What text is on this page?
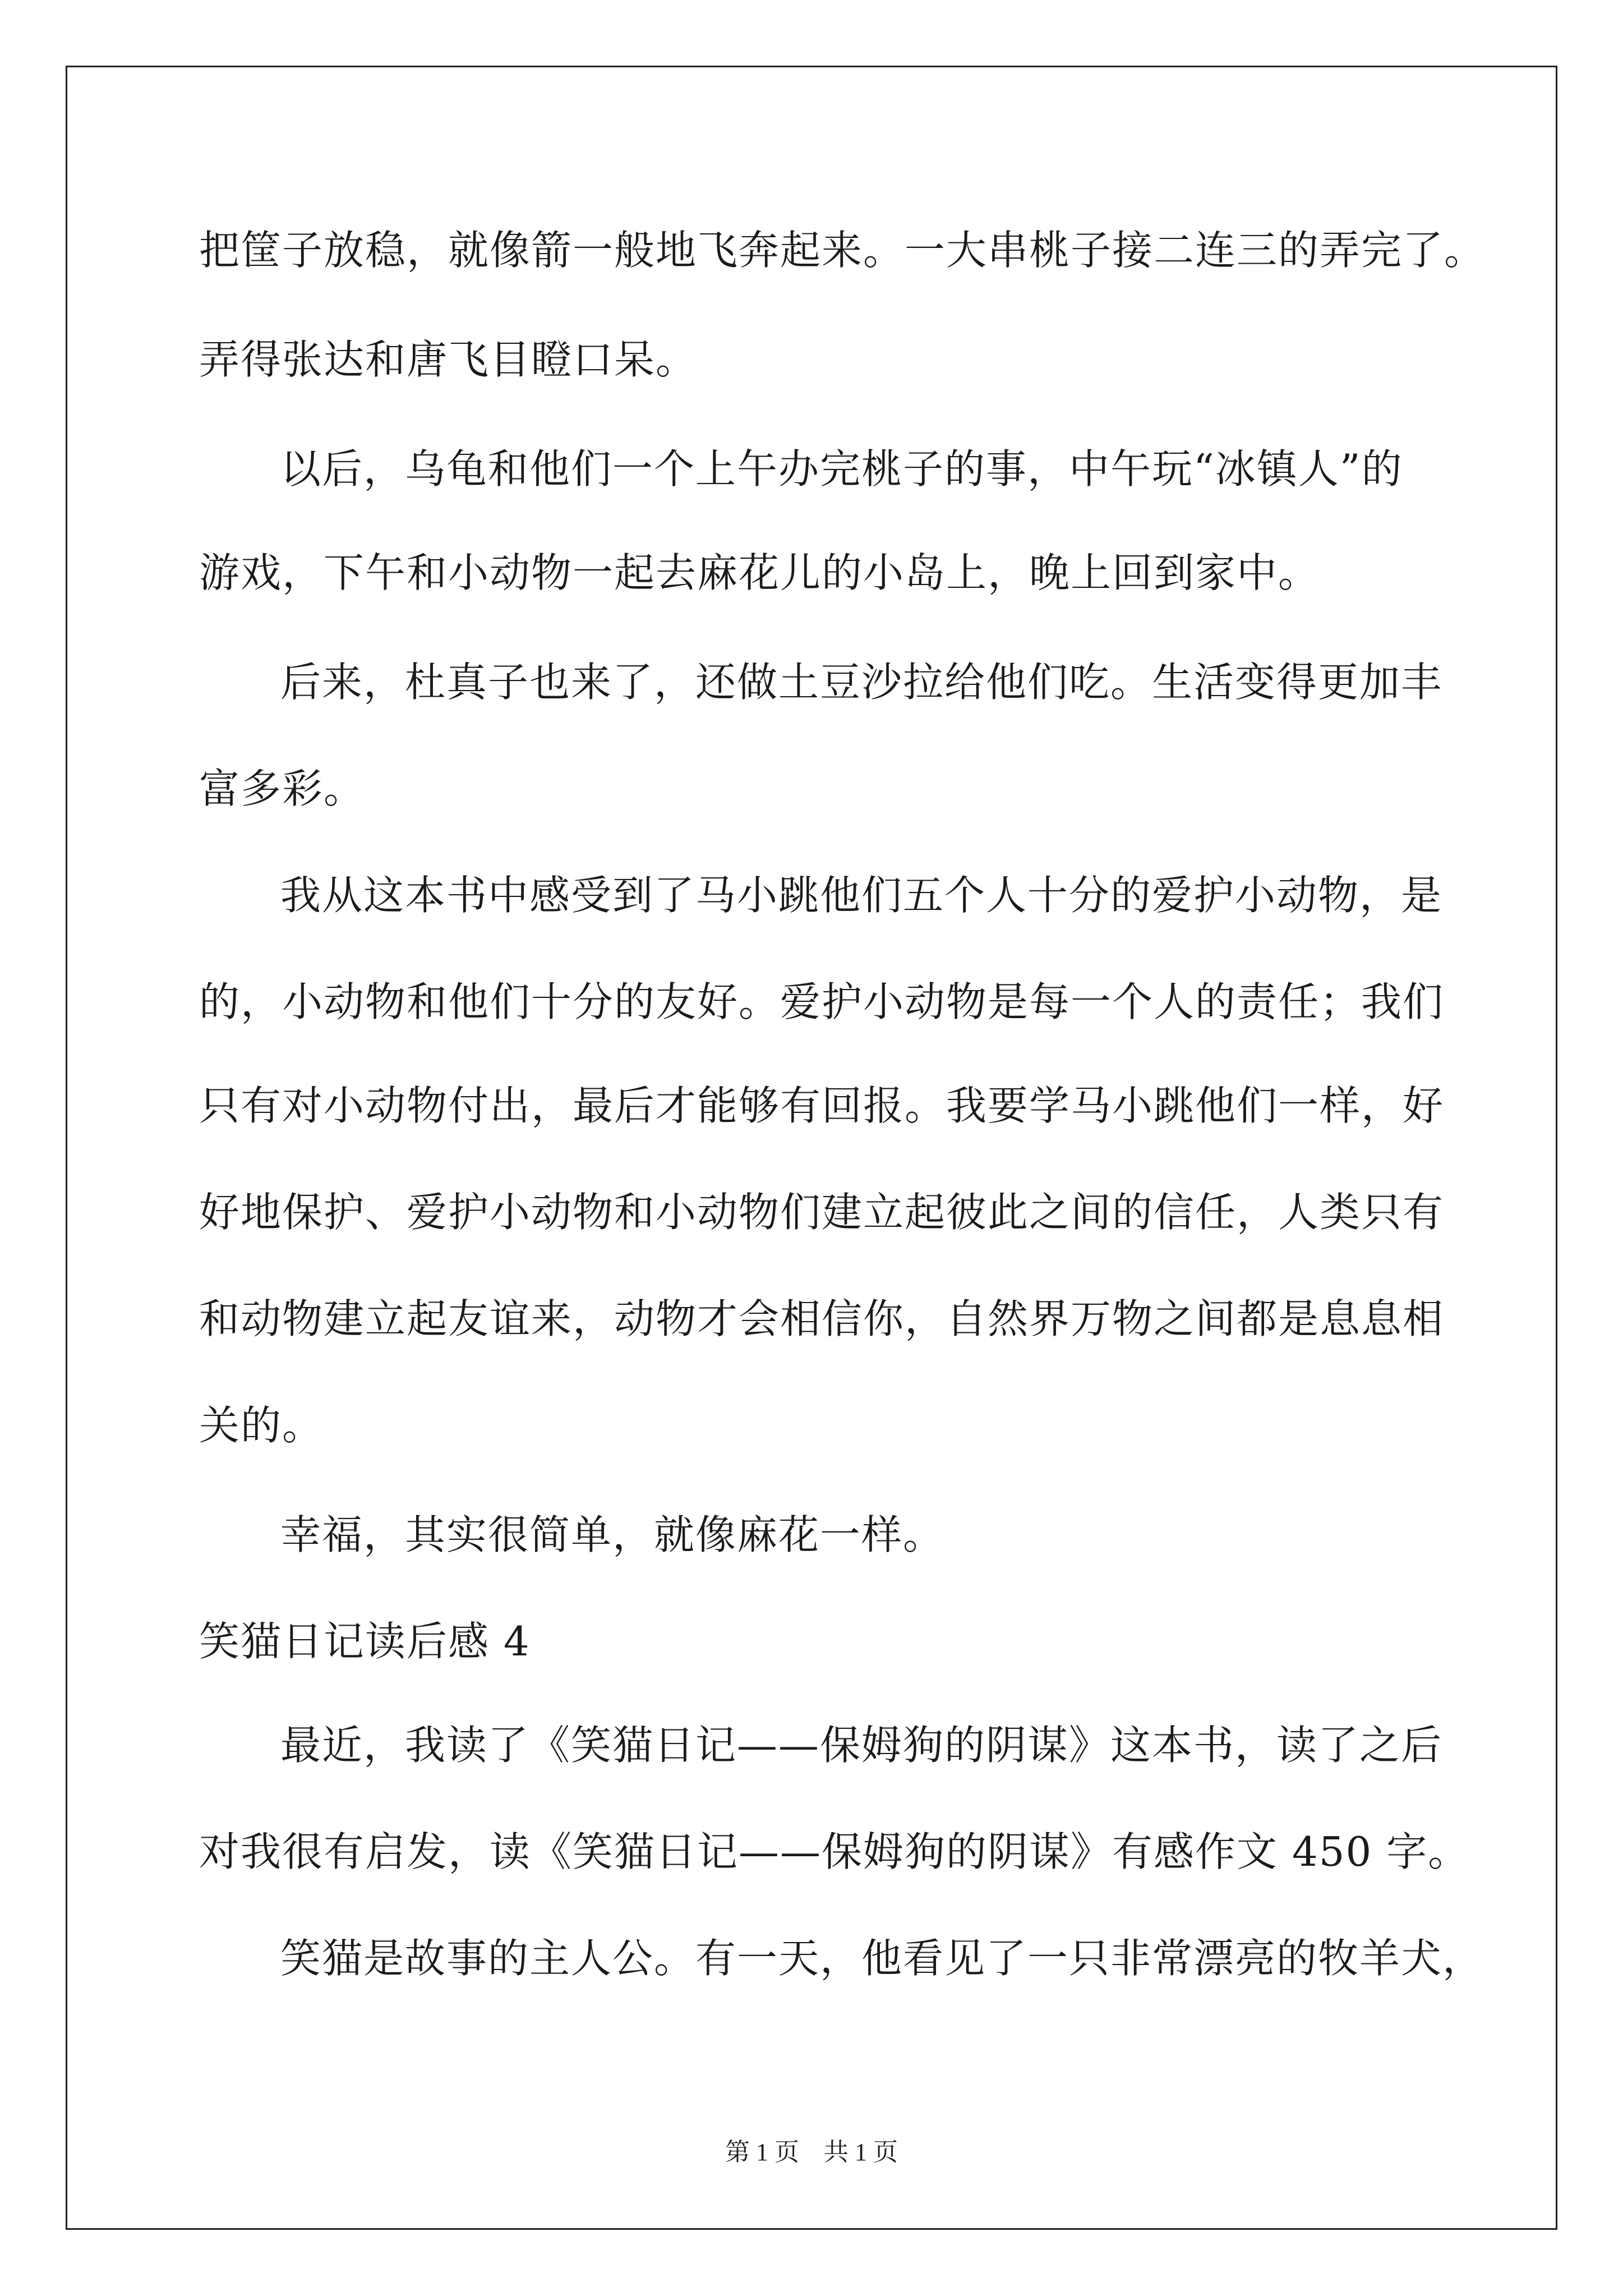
把筐子放稳，就像箭一般地飞奔起来。一大串桃子接二连三的弄完了。
弄得张达和唐飞目瞪口呆。
以后，乌龟和他们一个上午办完桃子的事，中午玩“冰镇人”的
游戏，下午和小动物一起去麻花儿的小岛上，晚上回到家中。
后来，杜真子也来了，还做土豆沙拉给他们吃。生活变得更加丰
富多彩。
我从这本书中感受到了马小跳他们五个人十分的爱护小动物，是
的，小动物和他们十分的友好。爱护小动物是每一个人的责任；我们
只有对小动物付出，最后才能够有回报。我要学马小跳他们一样，好
好地保护、爱护小动物和小动物们建立起彼此之间的信任，人类只有
和动物建立起友谊来，动物才会相信你，自然界万物之间都是息息相
关的。
幸福，其实很简单，就像麻花一样。
笑猫日记读后感 4
最近，我读了《笑猫日记——保姆狗的阴谋》这本书，读了之后
对我很有启发，读《笑猫日记——保姆狗的阴谋》有感作文 450 字。
笑猫是故事的主人公。有一天，他看见了一只非常漂亮的牧羊犬，
第 1 页　共 1 页
